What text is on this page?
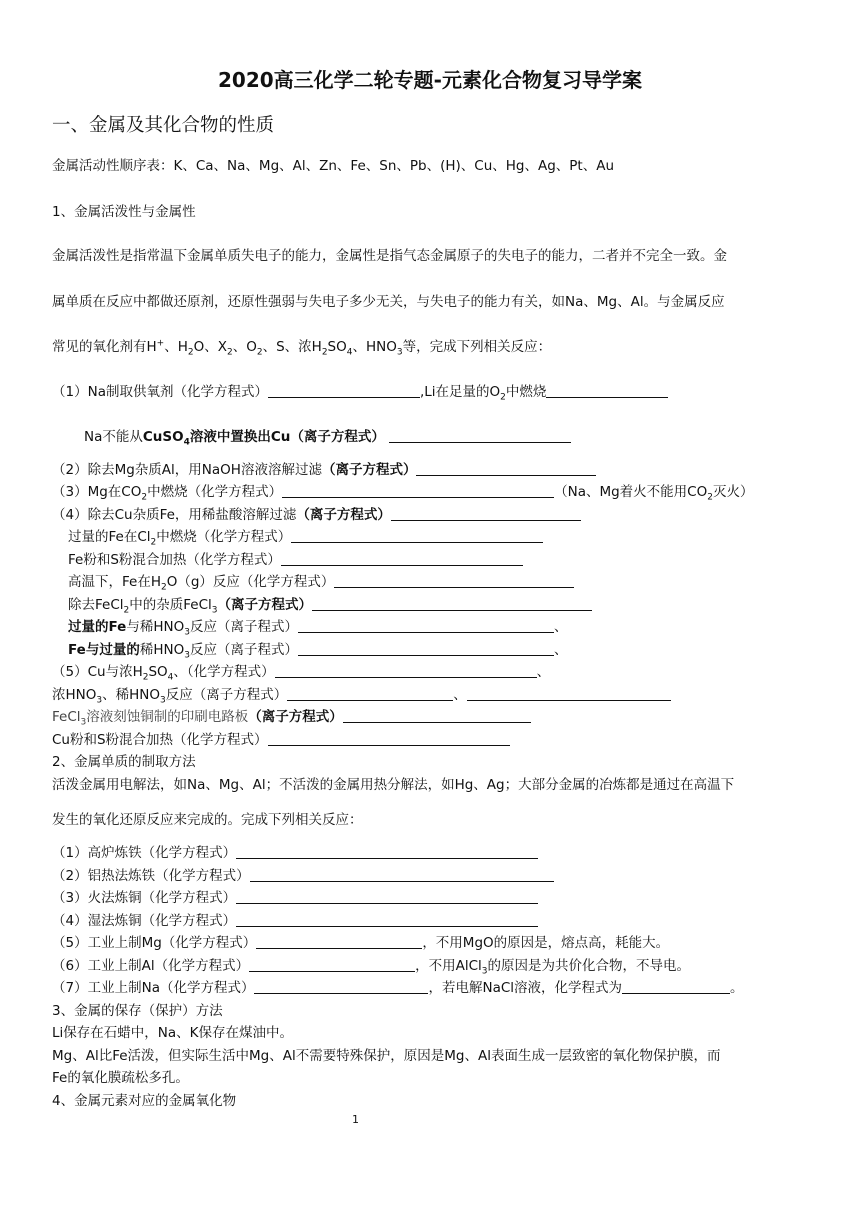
2020高三化学二轮专题-元素化合物复习导学案
一、金属及其化合物的性质
金属活动性顺序表：K、Ca、Na、Mg、Al、Zn、Fe、Sn、Pb、(H)、Cu、Hg、Ag、Pt、Au
1、金属活泼性与金属性
金属活泼性是指常温下金属单质失电子的能力，金属性是指气态金属原子的失电子的能力，二者并不完全一致。金
属单质在反应中都做还原剂，还原性强弱与失电子多少无关，与失电子的能力有关，如Na、Mg、Al。与金属反应
常见的氧化剂有H+、$H_2O$、$X_2$、$O_2$、S、浓$H_2SO_4$、$HNO_3$等，完成下列相关反应：
（1）Na制取供氧剂（化学方程式）	,Li在足量的$O_2$中燃烧
Na不能从CuSO$_4$溶液中置换出Cu（离子方程式）
（2）除去Mg杂质Al，用NaOH溶液溶解过滤（离子方程式）
（3）Mg在$CO_2$中燃烧（化学方程式）	（Na、Mg着火不能用$CO_2$灭火）
（4）除去Cu杂质Fe，用稀盐酸溶解过滤（离子方程式）
过量的Fe在$Cl_2$中燃烧（化学方程式）
Fe粉和S粉混合加热（化学方程式）
高温下，Fe在$H_2O(g)$反应（化学方程式）
除去FeCl$_2$中的杂质FeCl$_3$（离子方程式）
过量的Fe与稀$HNO_3$反应（离子程式）	、
Fe与过量的稀$HNO_3$反应（离子程式）	、
（5）Cu与浓$H_2SO_4$、（化学方程式）	、
浓$HNO_3$、稀$HNO_3$反应（离子方程式）	、
FeCl$_3$溶液刻蚀铜制的印刷电路板（离子方程式）
Cu粉和S粉混合加热（化学方程式）
2、金属单质的制取方法
活泼金属用电解法，如Na、Mg、Al；不活泼的金属用热分解法，如Hg、Ag；大部分金属的冶炼都是通过在高温下
发生的氧化还原反应来完成的。完成下列相关反应：
（1）高炉炼铁（化学方程式）
（2）铝热法炼铁（化学方程式）
（3）火法炼铜（化学方程式）
（4）湿法炼铜（化学方程式）
（5）工业上制Mg（化学方程式）	，不用MgO的原因是，熔点高，耗能大。
（6）工业上制Al（化学方程式）	，不用AlCl$_3$的原因是为共价化合物，不导电。
（7）工业上制Na（化学方程式）	，若电解NaCl溶液，化学程式为	。
3、金属的保存（保护）方法
Li保存在石蜡中，Na、K保存在煤油中。
Mg、Al比Fe活泼，但实际生活中Mg、Al不需要特殊保护，原因是Mg、Al表面生成一层致密的氧化物保护膜，而
Fe的氧化膜疏松多孔。
4、金属元素对应的金属氧化物
1
